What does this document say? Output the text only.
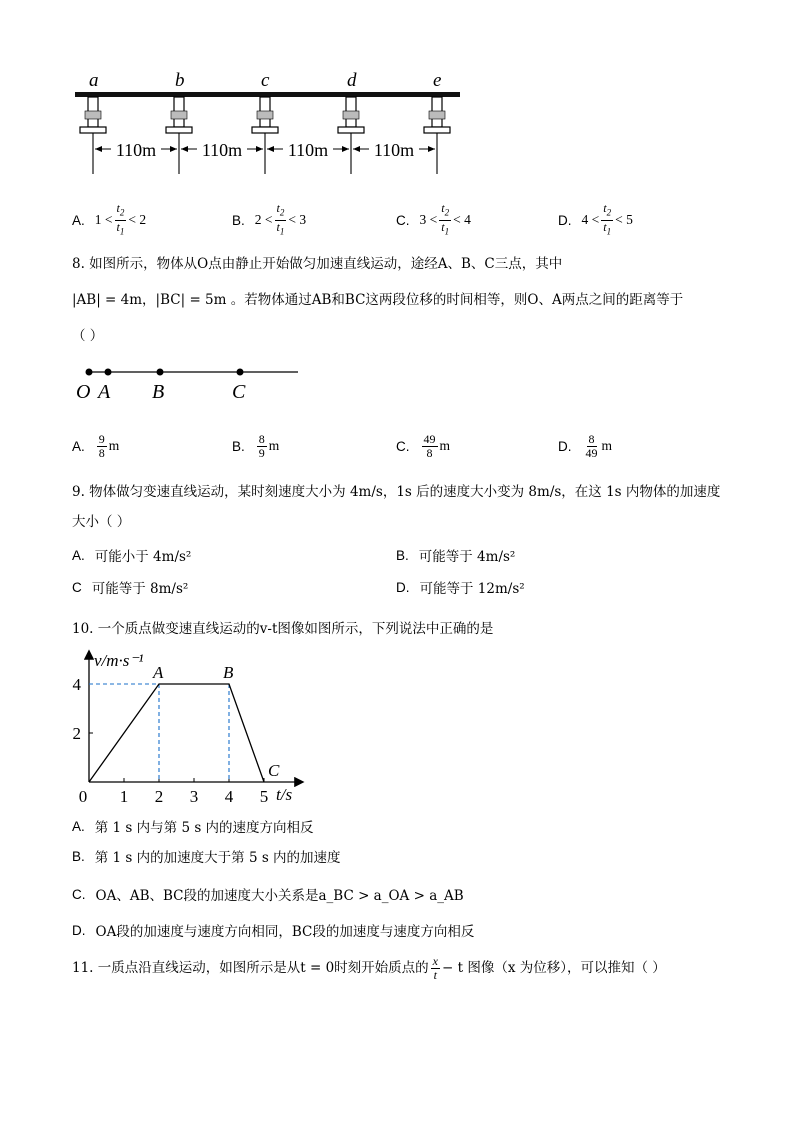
a	b	c	d	e
110m	110m	110m	110m
A. $1 < \frac{t_2}{t_1} < 2$	B. $2 < \frac{t_2}{t_1} < 3$	C. $3 < \frac{t_2}{t_1} < 4$	D. $4 < \frac{t_2}{t_1} < 5$
8. 如图所示，物体从O点由静止开始做匀加速直线运动，途经A、B、C三点，其中
|AB| = 4m，|BC| = 5m 。若物体通过AB和BC这两段位移的时间相等，则O、A两点之间的距离等于
（ ）
O A B	C
A. $\frac{9}{8}$ m	B. $\frac{8}{9}$ m	C. $\frac{49}{8}$ m	D. $\frac{8}{49}$ m
9. 物体做匀变速直线运动，某时刻速度大小为 4m/s，1s 后的速度大小变为 8m/s，在这 1s 内物体的加速度
大小（ ）
A. 可能小于 4m/s²	B. 可能等于 4m/s²
C 可能等于 8m/s²	D. 可能等于 12m/s²
10. 一个质点做变速直线运动的v-t图像如图所示，下列说法中正确的是
0 1 2 3 4 5
2
4
A	B
C
v/m·s⁻¹
t/s
A. 第 1 s 内与第 5 s 内的速度方向相反
B. 第 1 s 内的加速度大于第 5 s 内的加速度
C. OA、AB、BC段的加速度大小关系是a_BC > a_OA > a_AB
D. OA段的加速度与速度方向相同，BC段的加速度与速度方向相反
11. 一质点沿直线运动，如图所示是从t = 0时刻开始质点的 $\frac{x}{t} - t$ 图像（x 为位移），可以推知（ ）
